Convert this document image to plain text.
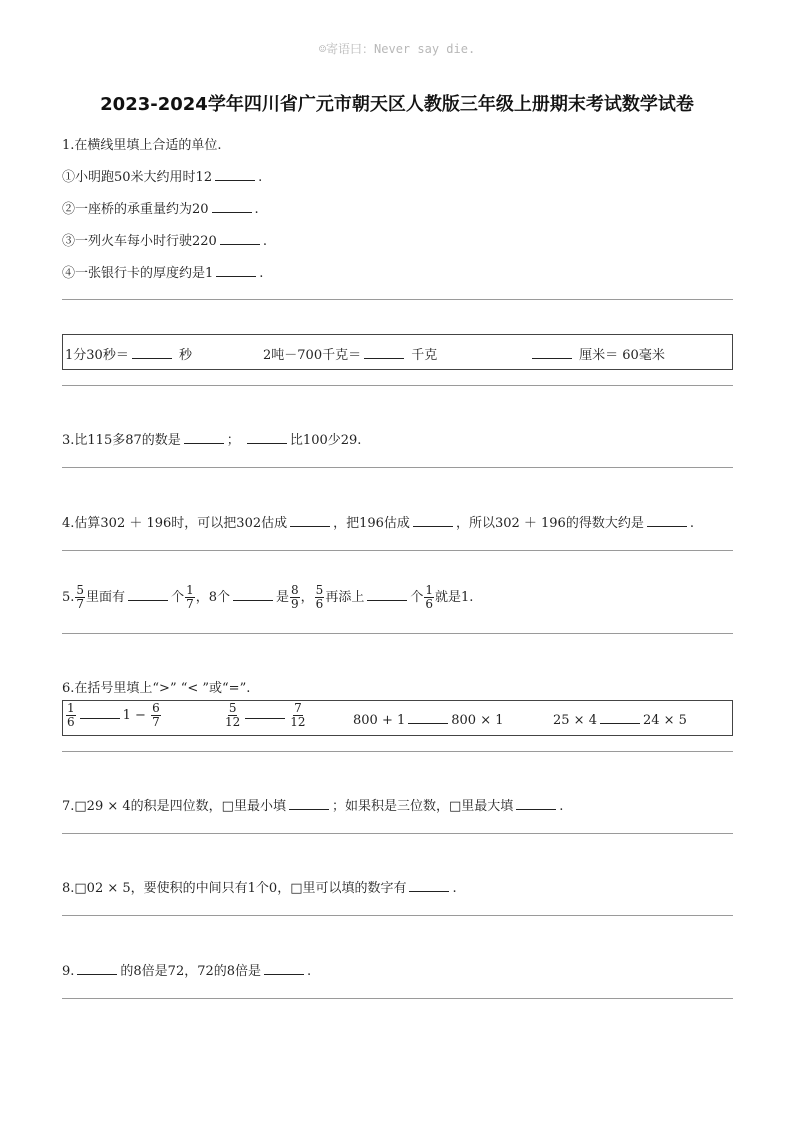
☺寄语曰：Never say die.
2023-2024学年四川省广元市朝天区人教版三年级上册期末考试数学试卷
1.在横线里填上合适的单位.
①小明跑50米大约用时12	.
②一座桥的承重量约为20	.
③一列火车每小时行驶220	.
④一张银行卡的厚度约是1	.
1分30秒＝	秒	2吨－700千克＝	千克	厘米＝ 60毫米
3.比115多87的数是	；	比100少29.
4.估算302 ＋ 196时，可以把302估成	，把196估成	，所以302 ＋ 196的得数大约是	.
5. $\frac{5}{7}$ 里面有	个 $\frac{1}{7}$ ，8个	是 $\frac{8}{9}$ ， $\frac{5}{6}$ 再添上	个 $\frac{1}{6}$ 就是1.
6.在括号里填上“>” “< ”或“=”.
$\frac{1}{6}$	$1 - \frac{6}{7}$	$\frac{5}{12}$	$\frac{7}{12}$	800 + 1	800 × 1	25 × 4	24 × 5
7.□29 × 4的积是四位数，□里最小填	；如果积是三位数，□里最大填	.
8.□02 × 5，要使积的中间只有1个0，□里可以填的数字有	.
9.	的8倍是72，72的8倍是	.
